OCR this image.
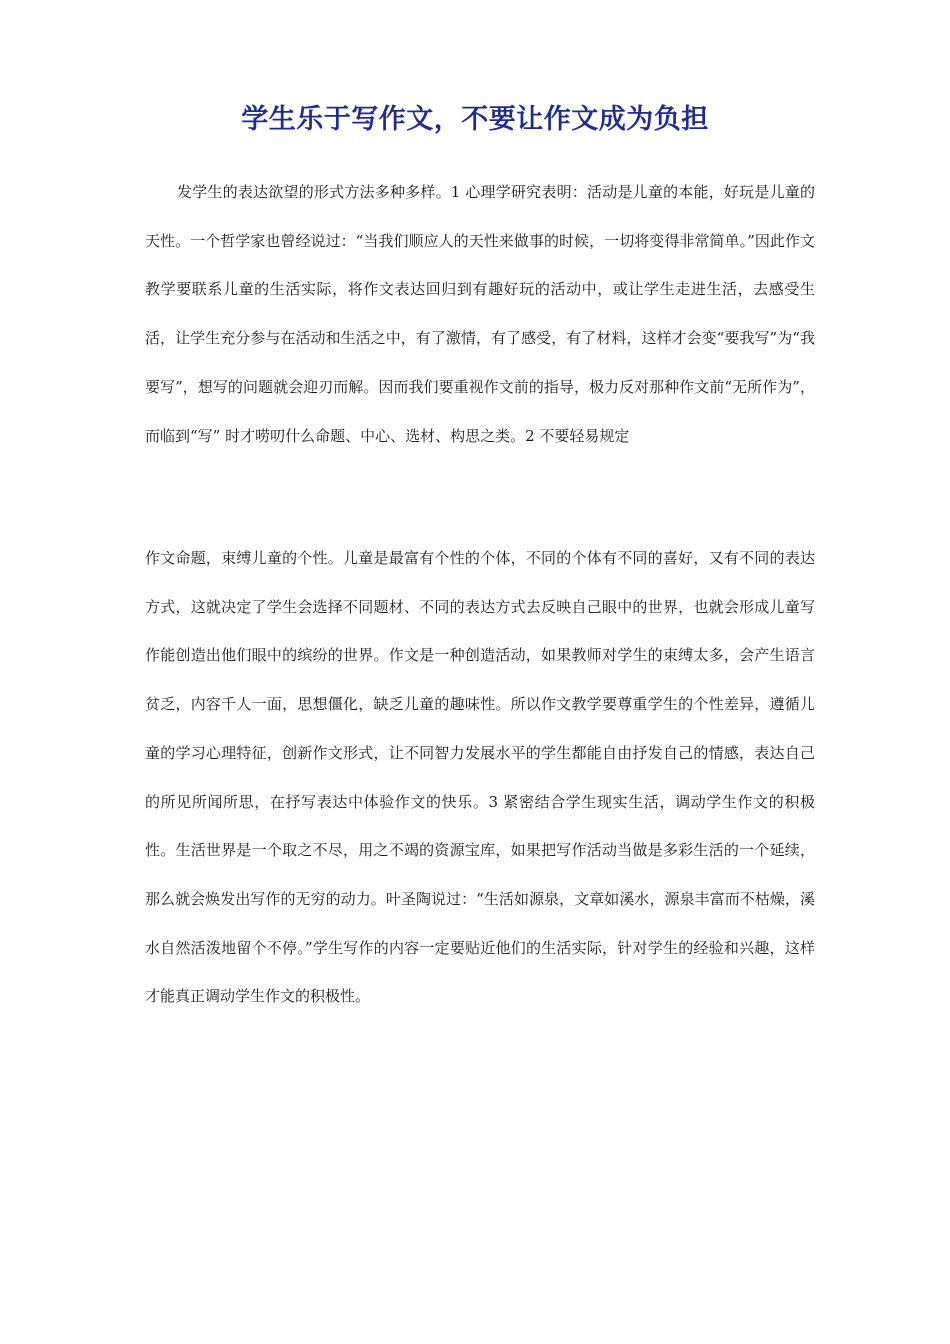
学生乐于写作文，不要让作文成为负担

发学生的表达欲望的形式方法多种多样。1 心理学研究表明：活动是儿童的本能，好玩是儿童的天性。一个哲学家也曾经说过：“当我们顺应人的天性来做事的时候，一切将变得非常简单。”因此作文教学要联系儿童的生活实际，将作文表达回归到有趣好玩的活动中，或让学生走进生活，去感受生活，让学生充分参与在活动和生活之中，有了激情，有了感受，有了材料，这样才会变“要我写”为“我要写”，想写的问题就会迎刃而解。因而我们要重视作文前的指导，极力反对那种作文前“无所作为”，而临到“写” 时才唠叨什么命题、中心、选材、构思之类。2 不要轻易规定

作文命题，束缚儿童的个性。儿童是最富有个性的个体，不同的个体有不同的喜好，又有不同的表达方式，这就决定了学生会选择不同题材、不同的表达方式去反映自己眼中的世界，也就会形成儿童写作能创造出他们眼中的缤纷的世界。作文是一种创造活动，如果教师对学生的束缚太多，会产生语言贫乏，内容千人一面，思想僵化，缺乏儿童的趣味性。所以作文教学要尊重学生的个性差异，遵循儿童的学习心理特征，创新作文形式，让不同智力发展水平的学生都能自由抒发自己的情感，表达自己的所见所闻所思，在抒写表达中体验作文的快乐。3 紧密结合学生现实生活，调动学生作文的积极性。生活世界是一个取之不尽，用之不竭的资源宝库，如果把写作活动当做是多彩生活的一个延续，那么就会焕发出写作的无穷的动力。叶圣陶说过：“生活如源泉，文章如溪水，源泉丰富而不枯燥，溪水自然活泼地留个不停。”学生写作的内容一定要贴近他们的生活实际，针对学生的经验和兴趣，这样才能真正调动学生作文的积极性。
